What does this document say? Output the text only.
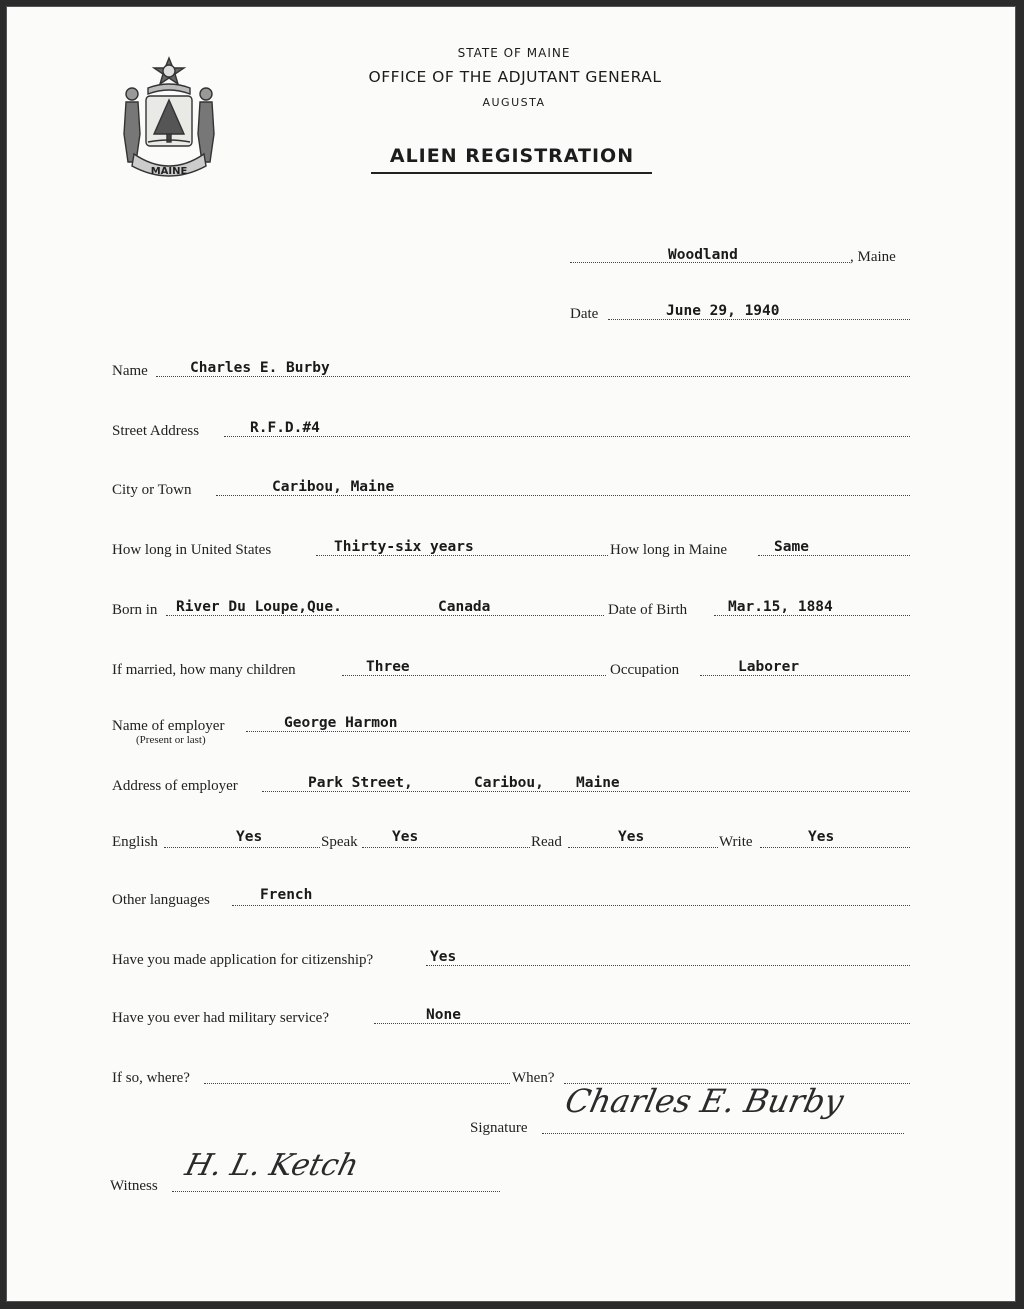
MAINE
STATE OF MAINE
OFFICE OF THE ADJUTANT GENERAL
AUGUSTA
ALIEN REGISTRATION
Woodland	, Maine
Date	June 29, 1940
Name	Charles E. Burby
Street Address	R.F.D.#4
City or Town	Caribou, Maine
How long in United States	Thirty-six years	How long in Maine	Same
Born in River Du Loupe,Que.	Canada	Date of Birth	Mar.15, 1884
If married, how many children	Three	Occupation	Laborer
Name of employer	George Harmon
(Present or last)
Address of employer	Park Street,	Caribou, Maine
English	Yes	Speak Yes	Read	Yes	Write	Yes
Other languages	French
Have you made application for citizenship?	Yes
Have you ever had military service?	None
If so, where?	When?
Signature
Charles E. Burby
Witness
H. L. Ketch
